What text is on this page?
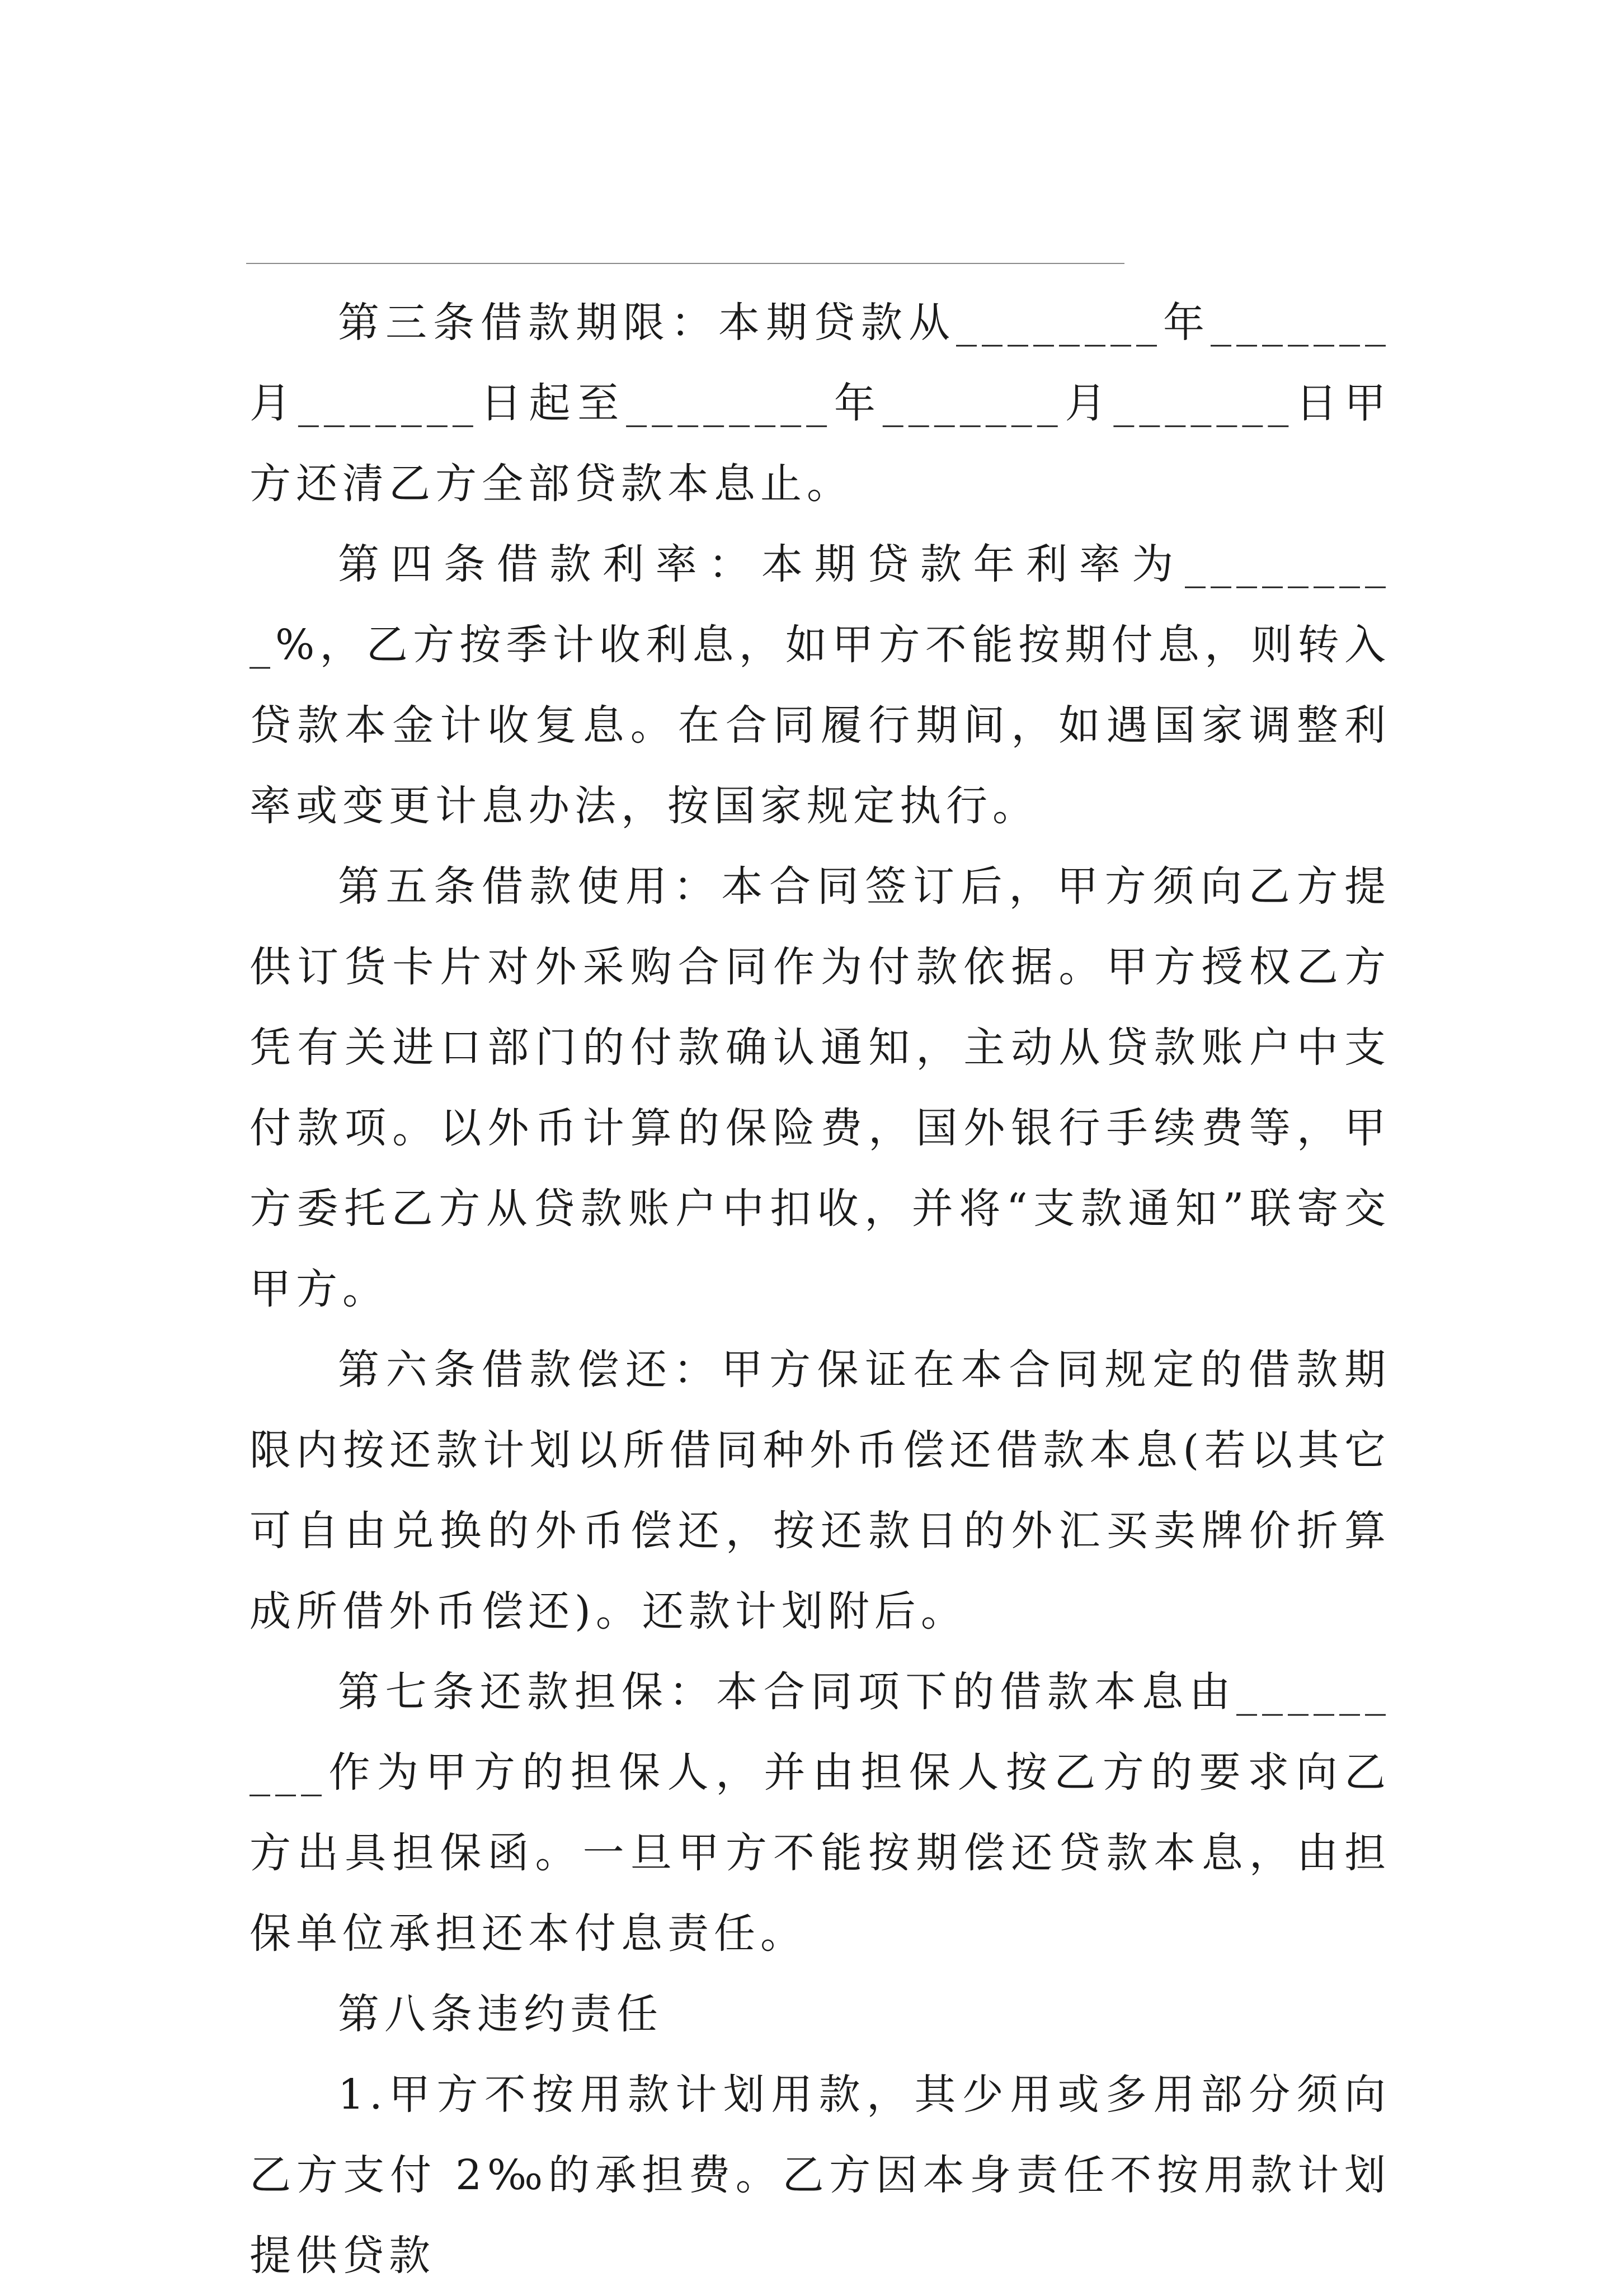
第三条借款期限：本期贷款从________年_______月_______日起至________年_______月_______日甲方还清乙方全部贷款本息止。

第四条借款利率：本期贷款年利率为_________%，乙方按季计收利息，如甲方不能按期付息，则转入贷款本金计收复息。在合同履行期间，如遇国家调整利率或变更计息办法，按国家规定执行。

第五条借款使用：本合同签订后，甲方须向乙方提供订货卡片对外采购合同作为付款依据。甲方授权乙方凭有关进口部门的付款确认通知，主动从贷款账户中支付款项。以外币计算的保险费，国外银行手续费等，甲方委托乙方从贷款账户中扣收，并将“支款通知”联寄交甲方。

第六条借款偿还：甲方保证在本合同规定的借款期限内按还款计划以所借同种外币偿还借款本息(若以其它可自由兑换的外币偿还，按还款日的外汇买卖牌价折算成所借外币偿还)。还款计划附后。

第七条还款担保：本合同项下的借款本息由_________作为甲方的担保人，并由担保人按乙方的要求向乙方出具担保函。一旦甲方不能按期偿还贷款本息，由担保单位承担还本付息责任。

第八条违约责任

1.甲方不按用款计划用款，其少用或多用部分须向乙方支付 2‰的承担费。乙方因本身责任不按用款计划提供贷款
